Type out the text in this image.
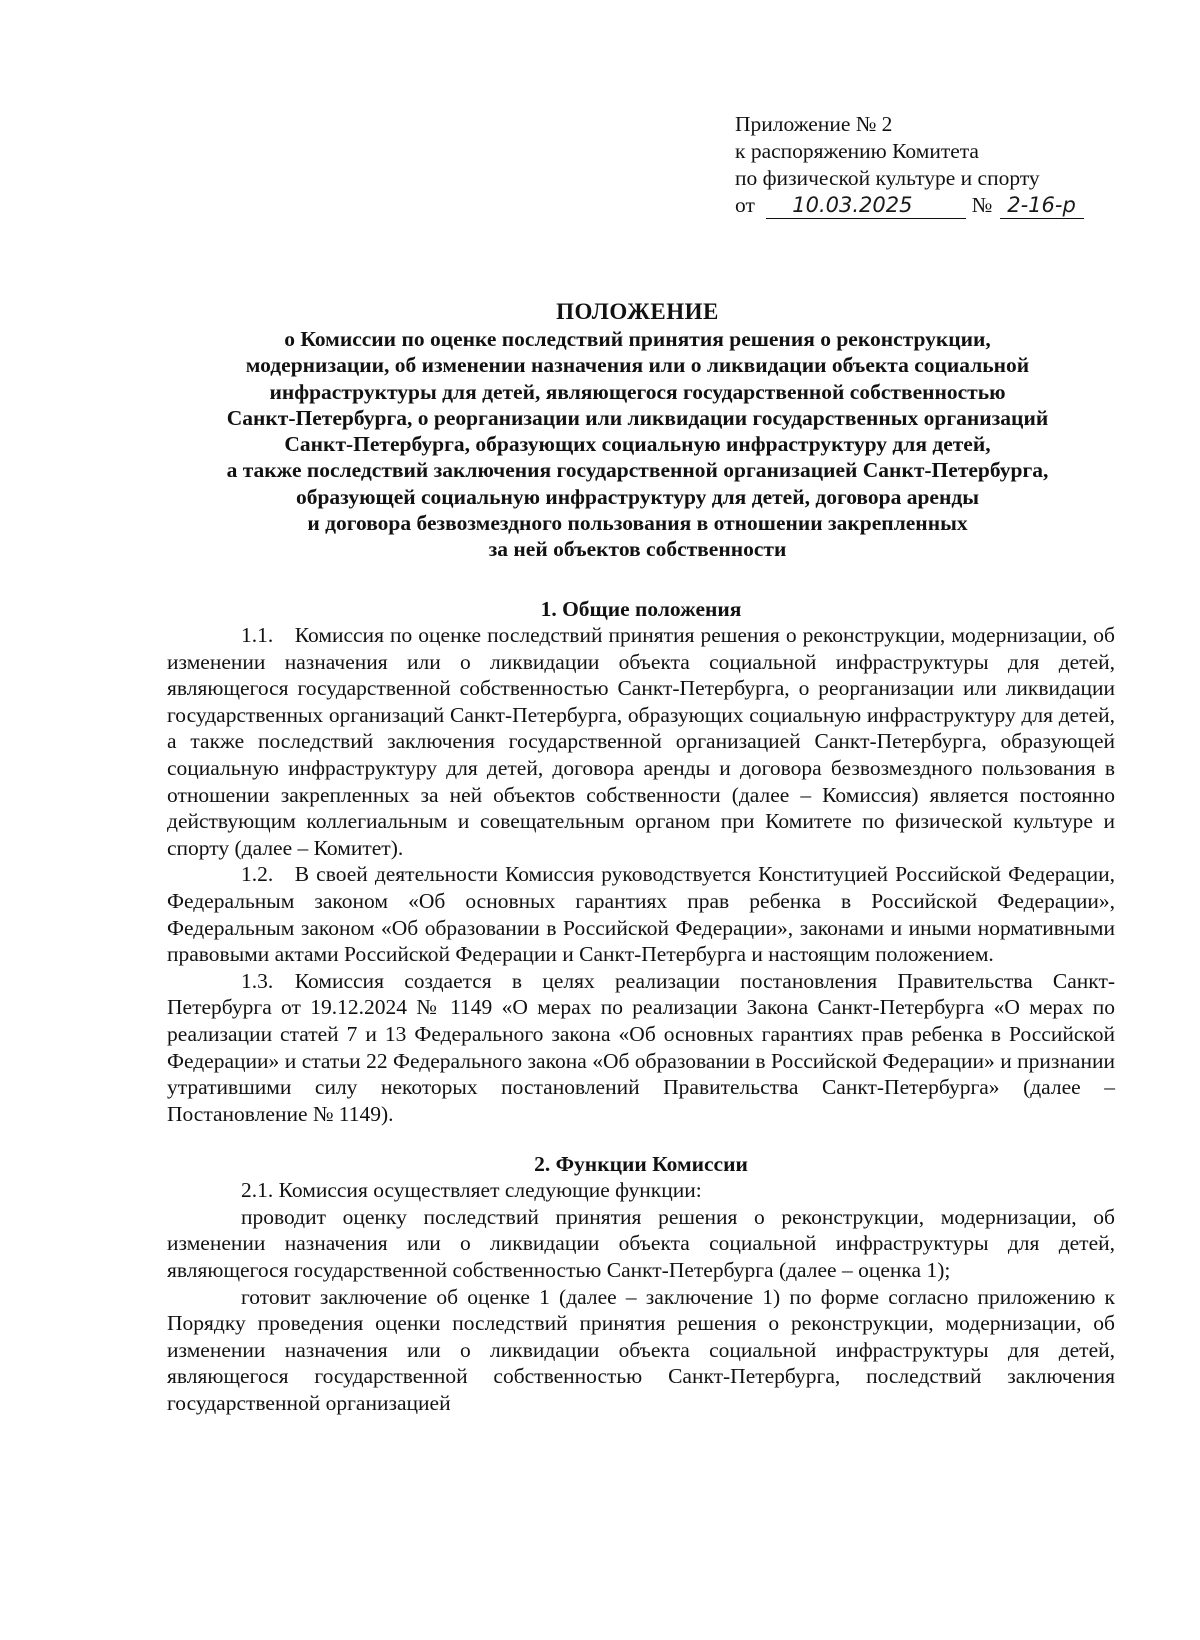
Приложение № 2
к распоряжению Комитета
по физической культуре и спорту
от 10.03.2025	№ 2-16-р
ПОЛОЖЕНИЕ
о Комиссии по оценке последствий принятия решения о реконструкции,
модернизации, об изменении назначения или о ликвидации объекта социальной
инфраструктуры для детей, являющегося государственной собственностью
Санкт-Петербурга, о реорганизации или ликвидации государственных организаций
Санкт-Петербурга, образующих социальную инфраструктуру для детей,
а также последствий заключения государственной организацией Санкт-Петербурга,
образующей социальную инфраструктуру для детей, договора аренды
и договора безвозмездного пользования в отношении закрепленных
за ней объектов собственности
1. Общие положения

1.1. Комиссия по оценке последствий принятия решения о реконструкции, модернизации, об изменении назначения или о ликвидации объекта социальной инфраструктуры для детей, являющегося государственной собственностью Санкт-Петербурга, о реорганизации или ликвидации государственных организаций Санкт-Петербурга, образующих социальную инфраструктуру для детей, а также последствий заключения государственной организацией Санкт-Петербурга, образующей социальную инфраструктуру для детей, договора аренды и договора безвозмездного пользования в отношении закрепленных за ней объектов собственности (далее – Комиссия) является постоянно действующим коллегиальным и совещательным органом при Комитете по физической культуре и спорту (далее – Комитет).

1.2. В своей деятельности Комиссия руководствуется Конституцией Российской Федерации, Федеральным законом «Об основных гарантиях прав ребенка в Российской Федерации», Федеральным законом «Об образовании в Российской Федерации», законами и иными нормативными правовыми актами Российской Федерации и Санкт-Петербурга и настоящим положением.

1.3. Комиссия создается в целях реализации постановления Правительства Санкт-Петербурга от 19.12.2024 № 1149 «О мерах по реализации Закона Санкт-Петербурга «О мерах по реализации статей 7 и 13 Федерального закона «Об основных гарантиях прав ребенка в Российской Федерации» и статьи 22 Федерального закона «Об образовании в Российской Федерации» и признании утратившими силу некоторых постановлений Правительства Санкт-Петербурга» (далее – Постановление № 1149).

2. Функции Комиссии

2.1. Комиссия осуществляет следующие функции:

проводит оценку последствий принятия решения о реконструкции, модернизации, об изменении назначения или о ликвидации объекта социальной инфраструктуры для детей, являющегося государственной собственностью Санкт-Петербурга (далее – оценка 1);

готовит заключение об оценке 1 (далее – заключение 1) по форме согласно приложению к Порядку проведения оценки последствий принятия решения о реконструкции, модернизации, об изменении назначения или о ликвидации объекта социальной инфраструктуры для детей, являющегося государственной собственностью Санкт-Петербурга, последствий заключения государственной организацией
